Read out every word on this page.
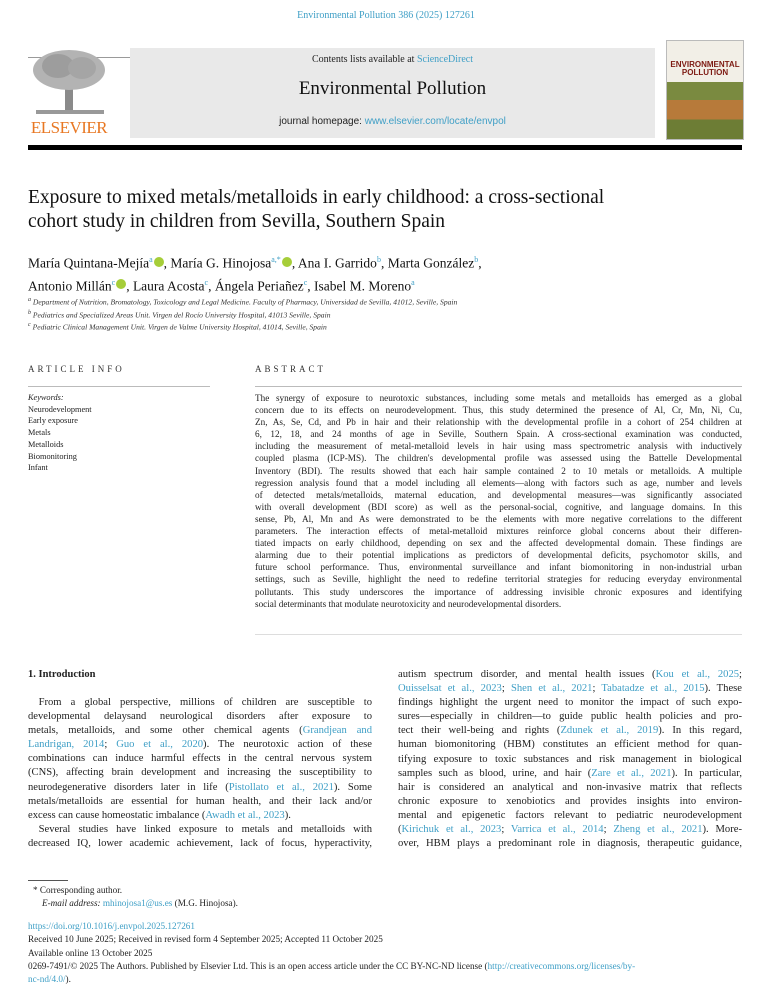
Environmental Pollution 386 (2025) 127261
ELSEVIER
Contents lists available at ScienceDirect
Environmental Pollution
journal homepage: www.elsevier.com/locate/envpol
ENVIRONMENTAL POLLUTION
Exposure to mixed metals/metalloids in early childhood: a cross-sectional
cohort study in children from Sevilla, Southern Spain
María Quintana-Mejía$^a$ , María G. Hinojosa$^{a,*}$ , Ana I. Garrido$^b$, Marta González$^b$,
Antonio Millán$^c$ , Laura Acosta$^c$, Ángela Periañez$^c$, Isabel M. Moreno$^a$
$^a$ Department of Nutrition, Bromatology, Toxicology and Legal Medicine. Faculty of Pharmacy, Universidad de Sevilla, 41012, Seville, Spain
$^b$ Pediatrics and Specialized Areas Unit. Virgen del Rocío University Hospital, 41013 Seville, Spain
$^c$ Pediatric Clinical Management Unit. Virgen de Valme University Hospital, 41014, Seville, Spain
ARTICLE INFO
Keywords:
Neurodevelopment
Early exposure
Metals
Metalloids
Biomonitoring
Infant
ABSTRACT
The synergy of exposure to neurotoxic substances, including some metals and metalloids has emerged as a global
concern due to its effects on neurodevelopment. Thus, this study determined the presence of Al, Cr, Mn, Ni, Cu,
Zn, As, Se, Cd, and Pb in hair and their relationship with the developmental profile in a cohort of 254 children at
6, 12, 18, and 24 months of age in Seville, Southern Spain. A cross-sectional examination was conducted,
including the measurement of metal-metalloid levels in hair using mass spectrometric analysis with inductively
coupled plasma (ICP-MS). The children's developmental profile was assessed using the Battelle Developmental
Inventory (BDI). The results showed that each hair sample contained 2 to 10 metals or metalloids. A multiple
regression analysis found that a model including all elements—along with factors such as age, number and levels
of detected metals/metalloids, maternal education, and developmental measures—was significantly associated
with overall development (BDI score) as well as the personal-social, cognitive, and language domains. In this
sense, Pb, Al, Mn and As were demonstrated to be the elements with more negative correlations to the different
parameters. The interaction effects of metal-metalloid mixtures reinforce global concerns about their differen-
tiated impacts on early childhood, depending on sex and the affected developmental domain. These findings are
alarming due to their potential implications as predictors of developmental deficits, psychomotor skills, and
future school performance. Thus, environmental surveillance and infant biomonitoring in non-industrial urban
settings, such as Seville, highlight the need to redefine territorial strategies for reducing everyday environmental
pollutants. This study underscores the importance of addressing invisible chronic exposures and identifying
social determinants that modulate neurotoxicity and neurodevelopmental disorders.
1. Introduction
 From a global perspective, millions of children are susceptible to
developmental delaysand neurological disorders after exposure to
metals, metalloids, and some other chemical agents (Grandjean and
Landrigan, 2014; Guo et al., 2020). The neurotoxic action of these
combinations can induce harmful effects in the central nervous system
(CNS), affecting brain development and increasing the susceptibility to
neurodegenerative disorders later in life (Pistollato et al., 2021). Some
metals/metalloids are essential for human health, and their lack and/or
excess can cause homeostatic imbalance (Awadh et al., 2023).
 Several studies have linked exposure to metals and metalloids with
decreased IQ, lower academic achievement, lack of focus, hyperactivity,
autism spectrum disorder, and mental health issues (Kou et al., 2025;
Ouisselsat et al., 2023; Shen et al., 2021; Tabatadze et al., 2015). These
findings highlight the urgent need to monitor the impact of such expo-
sures—especially in children—to guide public health policies and pro-
tect their well-being and rights (Zdunek et al., 2019). In this regard,
human biomonitoring (HBM) constitutes an efficient method for quan-
tifying exposure to toxic substances and risk management in biological
samples such as blood, urine, and hair (Zare et al., 2021). In particular,
hair is considered an analytical and non-invasive matrix that reflects
chronic exposure to xenobiotics and provides insights into environ-
mental and epigenetic factors relevant to pediatric neurodevelopment
(Kirichuk et al., 2023; Varrica et al., 2014; Zheng et al., 2021). More-
over, HBM plays a predominant role in diagnosis, therapeutic guidance,
* Corresponding author.
E-mail address: mhinojosa1@us.es (M.G. Hinojosa).
https://doi.org/10.1016/j.envpol.2025.127261
Received 10 June 2025; Received in revised form 4 September 2025; Accepted 11 October 2025
Available online 13 October 2025
0269-7491/© 2025 The Authors. Published by Elsevier Ltd. This is an open access article under the CC BY-NC-ND license (http://creativecommons.org/licenses/by-
nc-nd/4.0/).
